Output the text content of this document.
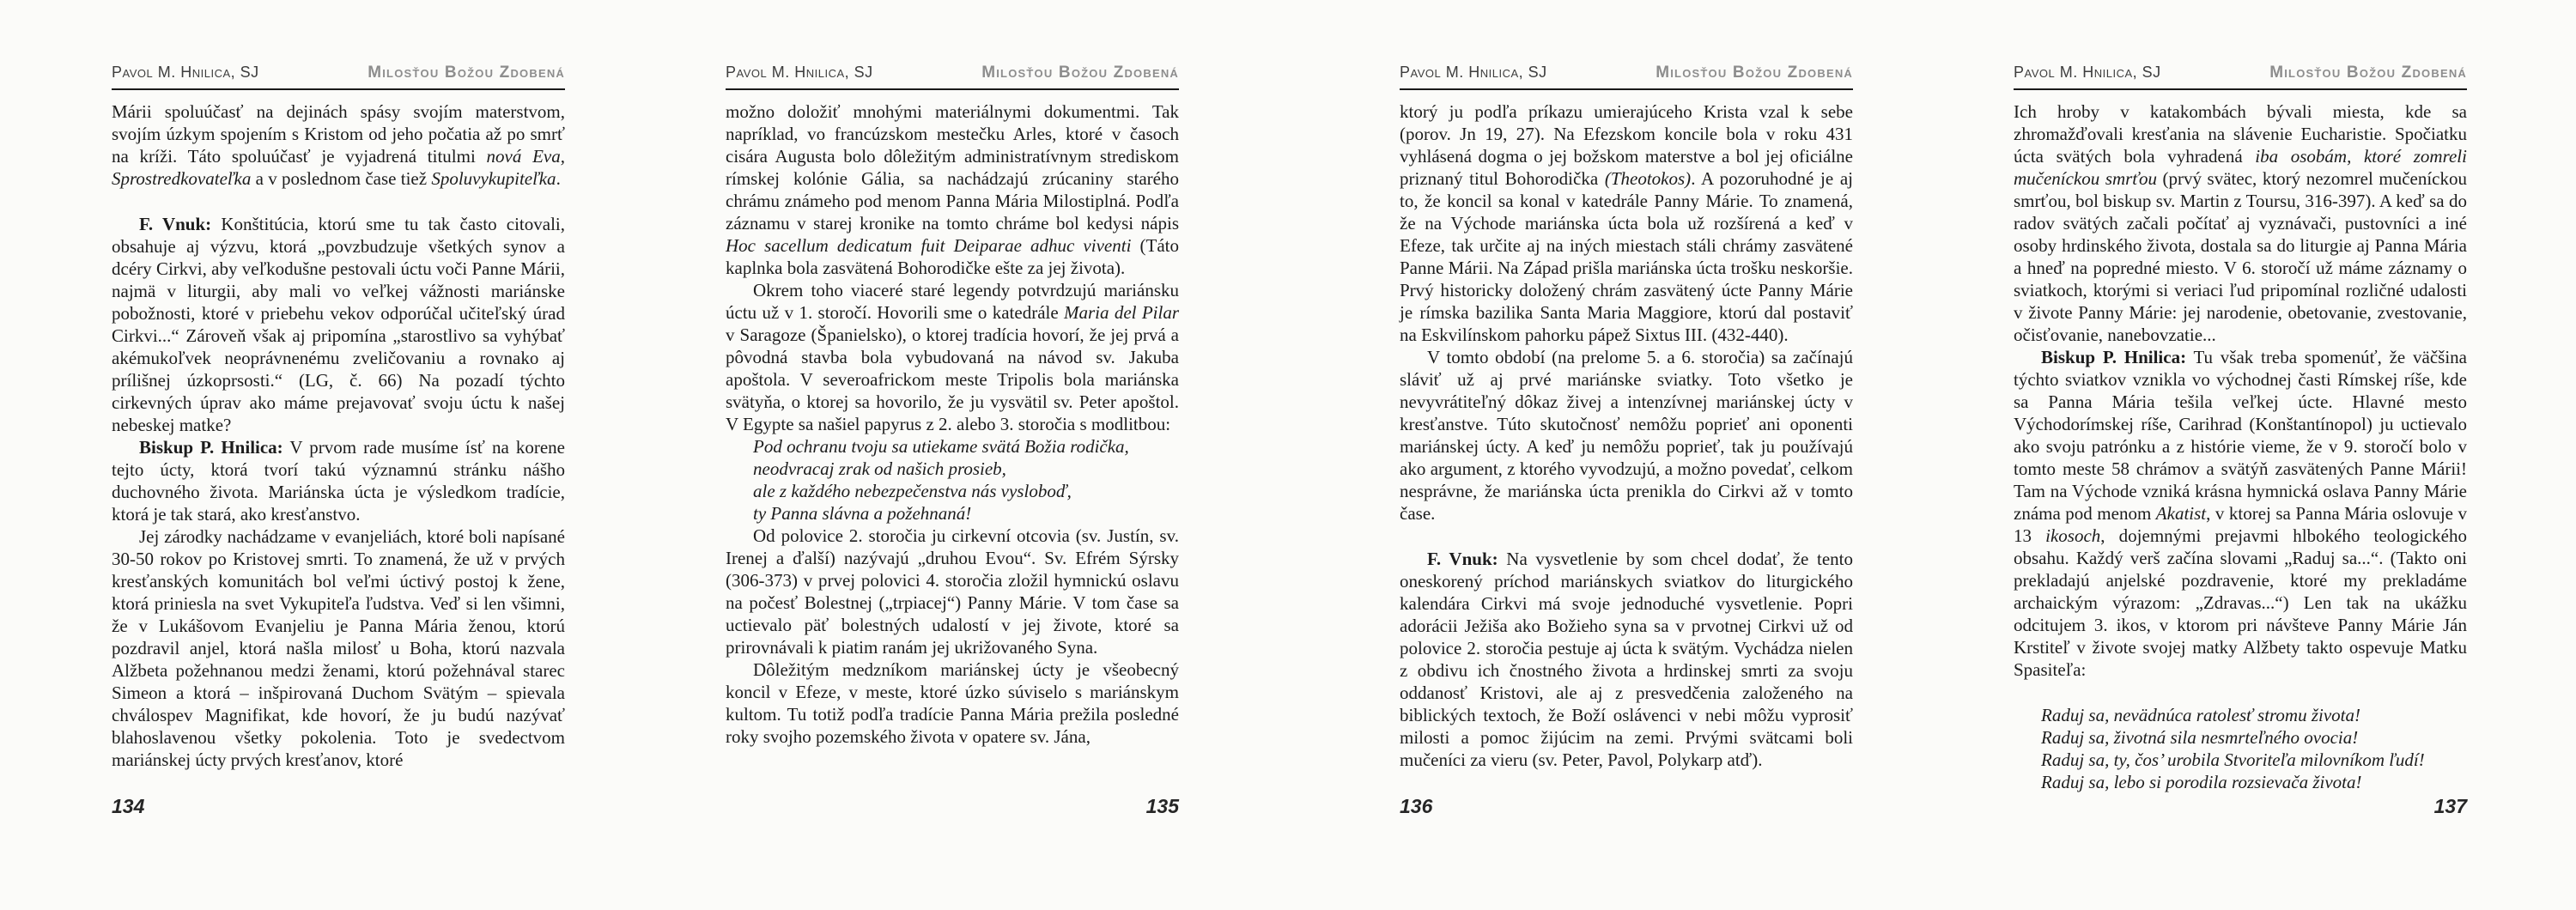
Pavol M. Hnilica, SJ	Milosťou Božou Zdobená

Márii spoluúčasť na dejinách spásy svojím materstvom, svojím úzkym spojením s Kristom od jeho počatia až po smrť na kríži. Táto spoluúčasť je vyjadrená titulmi nová Eva, Sprostredkovateľka a v poslednom čase tiež Spoluvykupiteľka.

F. Vnuk: Konštitúcia, ktorú sme tu tak často citovali, obsahuje aj výzvu, ktorá „povzbudzuje všetkých synov a dcéry Cirkvi, aby veľkodušne pestovali úctu voči Panne Márii, najmä v liturgii, aby mali vo veľkej vážnosti mariánske pobožnosti, ktoré v priebehu vekov odporúčal učiteľský úrad Cirkvi...“ Zároveň však aj pripomína „starostlivo sa vyhýbať akémukoľvek neoprávnenému zveličovaniu a rovnako aj prílišnej úzkoprsosti.“ (LG, č. 66) Na pozadí týchto cirkevných úprav ako máme prejavovať svoju úctu k našej nebeskej matke?

Biskup P. Hnilica: V prvom rade musíme ísť na korene tejto úcty, ktorá tvorí takú významnú stránku nášho duchovného života. Mariánska úcta je výsledkom tradície, ktorá je tak stará, ako kresťanstvo.

Jej zárodky nachádzame v evanjeliách, ktoré boli napísané 30-50 rokov po Kristovej smrti. To znamená, že už v prvých kresťanských komunitách bol veľmi úctivý postoj k žene, ktorá priniesla na svet Vykupiteľa ľudstva. Veď si len všimni, že v Lukášovom Evanjeliu je Panna Mária ženou, ktorú pozdravil anjel, ktorá našla milosť u Boha, ktorú nazvala Alžbeta požehnanou medzi ženami, ktorú požehnával starec Simeon a ktorá – inšpirovaná Duchom Svätým – spievala chválospev Magnifikat, kde hovorí, že ju budú nazývať blahoslavenou všetky pokolenia. Toto je svedectvom mariánskej úcty prvých kresťanov, ktoré

134
Pavol M. Hnilica, SJ	Milosťou Božou Zdobená

možno doložiť mnohými materiálnymi dokumentmi. Tak napríklad, vo francúzskom mestečku Arles, ktoré v časoch cisára Augusta bolo dôležitým administratívnym strediskom rímskej kolónie Gália, sa nachádzajú zrúcaniny starého chrámu známeho pod menom Panna Mária Milostiplná. Podľa záznamu v starej kronike na tomto chráme bol kedysi nápis Hoc sacellum dedicatum fuit Deiparae adhuc viventi (Táto kaplnka bola zasvätená Bohorodičke ešte za jej života).

Okrem toho viaceré staré legendy potvrdzujú mariánsku úctu už v 1. storočí. Hovorili sme o katedrále Maria del Pilar v Saragoze (Španielsko), o ktorej tradícia hovorí, že jej prvá a pôvodná stavba bola vybudovaná na návod sv. Jakuba apoštola. V severoafrickom meste Tripolis bola mariánska svätyňa, o ktorej sa hovorilo, že ju vysvätil sv. Peter apoštol. V Egypte sa našiel papyrus z 2. alebo 3. storočia s modlitbou:

Pod ochranu tvoju sa utiekame svätá Božia rodička,

neodvracaj zrak od našich prosieb,

ale z každého nebezpečenstva nás vysloboď,

ty Panna slávna a požehnaná!

Od polovice 2. storočia ju cirkevní otcovia (sv. Justín, sv. Irenej a ďalší) nazývajú „druhou Evou“. Sv. Efrém Sýrsky (306-373) v prvej polovici 4. storočia zložil hymnickú oslavu na počesť Bolestnej („trpiacej“) Panny Márie. V tom čase sa uctievalo päť bolestných udalostí v jej živote, ktoré sa prirovnávali k piatim ranám jej ukrižovaného Syna.

Dôležitým medzníkom mariánskej úcty je všeobecný koncil v Efeze, v meste, ktoré úzko súviselo s mariánskym kultom. Tu totiž podľa tradície Panna Mária prežila posledné roky svojho pozemského života v opatere sv. Jána,

135
Pavol M. Hnilica, SJ	Milosťou Božou Zdobená

ktorý ju podľa príkazu umierajúceho Krista vzal k sebe (porov. Jn 19, 27). Na Efezskom koncile bola v roku 431 vyhlásená dogma o jej božskom materstve a bol jej oficiálne priznaný titul Bohorodička (Theotokos). A pozoruhodné je aj to, že koncil sa konal v katedrále Panny Márie. To znamená, že na Východe mariánska úcta bola už rozšírená a keď v Efeze, tak určite aj na iných miestach stáli chrámy zasvätené Panne Márii. Na Západ prišla mariánska úcta trošku neskoršie. Prvý historicky doložený chrám zasvätený úcte Panny Márie je rímska bazilika Santa Maria Maggiore, ktorú dal postaviť na Eskvilínskom pahorku pápež Sixtus III. (432-440).

V tomto období (na prelome 5. a 6. storočia) sa začínajú sláviť už aj prvé mariánske sviatky. Toto všetko je nevyvrátiteľný dôkaz živej a intenzívnej mariánskej úcty v kresťanstve. Túto skutočnosť nemôžu poprieť ani oponenti mariánskej úcty. A keď ju nemôžu poprieť, tak ju používajú ako argument, z ktorého vyvodzujú, a možno povedať, celkom nesprávne, že mariánska úcta prenikla do Cirkvi až v tomto čase.

F. Vnuk: Na vysvetlenie by som chcel dodať, že tento oneskorený príchod mariánskych sviatkov do liturgického kalendára Cirkvi má svoje jednoduché vysvetlenie. Popri adorácii Ježiša ako Božieho syna sa v prvotnej Cirkvi už od polovice 2. storočia pestuje aj úcta k svätým. Vychádza nielen z obdivu ich čnostného života a hrdinskej smrti za svoju oddanosť Kristovi, ale aj z presvedčenia založeného na biblických textoch, že Boží oslávenci v nebi môžu vyprosiť milosti a pomoc žijúcim na zemi. Prvými svätcami boli mučeníci za vieru (sv. Peter, Pavol, Polykarp atď).

136
Pavol M. Hnilica, SJ	Milosťou Božou Zdobená

Ich hroby v katakombách bývali miesta, kde sa zhromažďovali kresťania na slávenie Eucharistie. Spočiatku úcta svätých bola vyhradená iba osobám, ktoré zomreli mučeníckou smrťou (prvý svätec, ktorý nezomrel mučeníckou smrťou, bol biskup sv. Martin z Toursu, 316-397). A keď sa do radov svätých začali počítať aj vyznávači, pustovníci a iné osoby hrdinského života, dostala sa do liturgie aj Panna Mária a hneď na popredné miesto. V 6. storočí už máme záznamy o sviatkoch, ktorými si veriaci ľud pripomínal rozličné udalosti v živote Panny Márie: jej narodenie, obetovanie, zvestovanie, očisťovanie, nanebovzatie...

Biskup P. Hnilica: Tu však treba spomenúť, že väčšina týchto sviatkov vznikla vo východnej časti Rímskej ríše, kde sa Panna Mária tešila veľkej úcte. Hlavné mesto Východorímskej ríše, Carihrad (Konštantínopol) ju uctievalo ako svoju patrónku a z histórie vieme, že v 9. storočí bolo v tomto meste 58 chrámov a svätýň zasvätených Panne Márii! Tam na Východe vzniká krásna hymnická oslava Panny Márie známa pod menom Akatist, v ktorej sa Panna Mária oslovuje v 13 ikosoch, dojemnými prejavmi hlbokého teologického obsahu. Každý verš začína slovami „Raduj sa...“. (Takto oni prekladajú anjelské pozdravenie, ktoré my prekladáme archaickým výrazom: „Zdravas...“) Len tak na ukážku odcitujem 3. ikos, v ktorom pri návšteve Panny Márie Ján Krstiteľ v živote svojej matky Alžbety takto ospevuje Matku Spasiteľa:

Raduj sa, nevädnúca ratolesť stromu života!

Raduj sa, životná sila nesmrteľného ovocia!

Raduj sa, ty, čos’ urobila Stvoriteľa milovníkom ľudí!

Raduj sa, lebo si porodila rozsievača života!

137
